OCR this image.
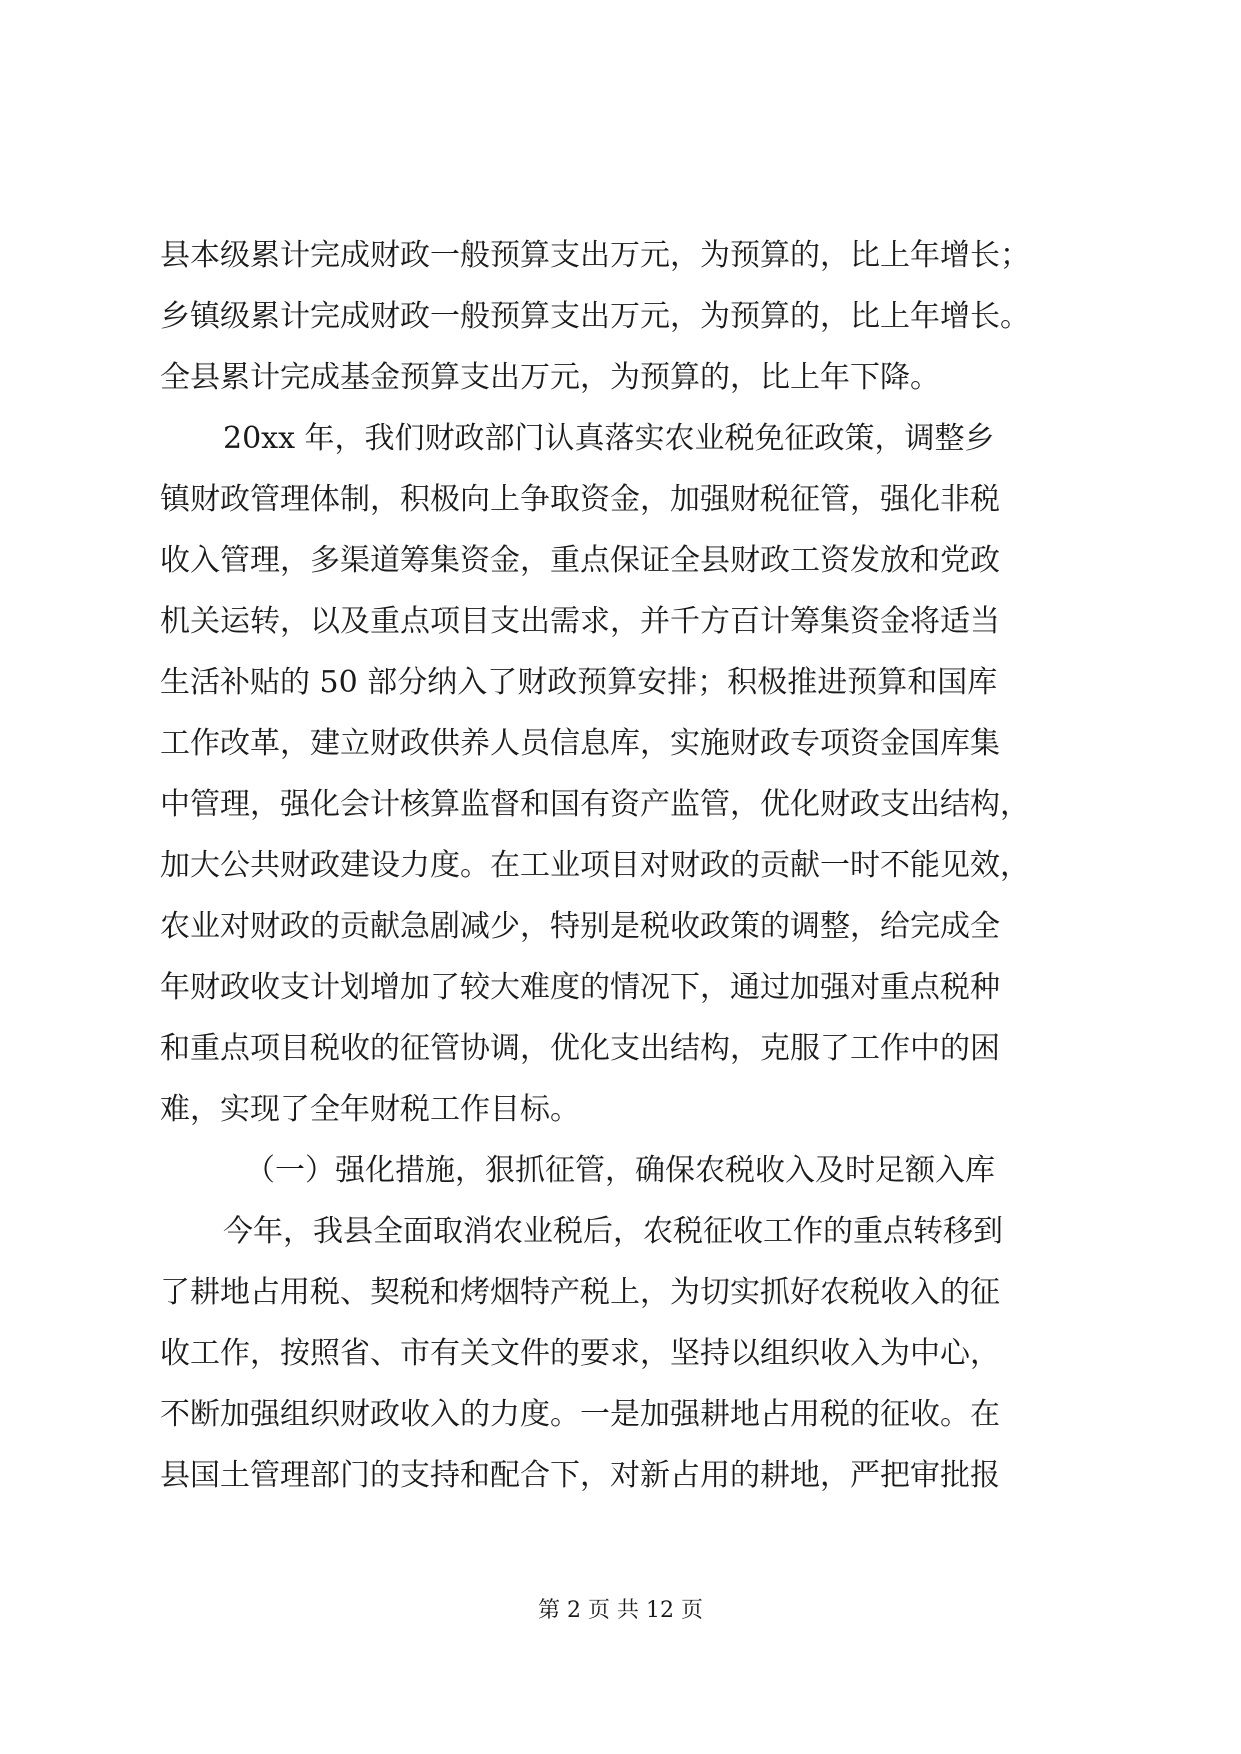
县本级累计完成财政一般预算支出万元，为预算的，比上年增长；
乡镇级累计完成财政一般预算支出万元，为预算的，比上年增长。
全县累计完成基金预算支出万元，为预算的，比上年下降。
20xx 年，我们财政部门认真落实农业税免征政策，调整乡
镇财政管理体制，积极向上争取资金，加强财税征管，强化非税
收入管理，多渠道筹集资金，重点保证全县财政工资发放和党政
机关运转，以及重点项目支出需求，并千方百计筹集资金将适当
生活补贴的 50 部分纳入了财政预算安排；积极推进预算和国库
工作改革，建立财政供养人员信息库，实施财政专项资金国库集
中管理，强化会计核算监督和国有资产监管，优化财政支出结构，
加大公共财政建设力度。在工业项目对财政的贡献一时不能见效，
农业对财政的贡献急剧减少，特别是税收政策的调整，给完成全
年财政收支计划增加了较大难度的情况下，通过加强对重点税种
和重点项目税收的征管协调，优化支出结构，克服了工作中的困
难，实现了全年财税工作目标。
（一）强化措施，狠抓征管，确保农税收入及时足额入库
今年，我县全面取消农业税后，农税征收工作的重点转移到
了耕地占用税、契税和烤烟特产税上，为切实抓好农税收入的征
收工作，按照省、市有关文件的要求，坚持以组织收入为中心，
不断加强组织财政收入的力度。一是加强耕地占用税的征收。在
县国土管理部门的支持和配合下，对新占用的耕地，严把审批报
第 2 页 共 12 页
